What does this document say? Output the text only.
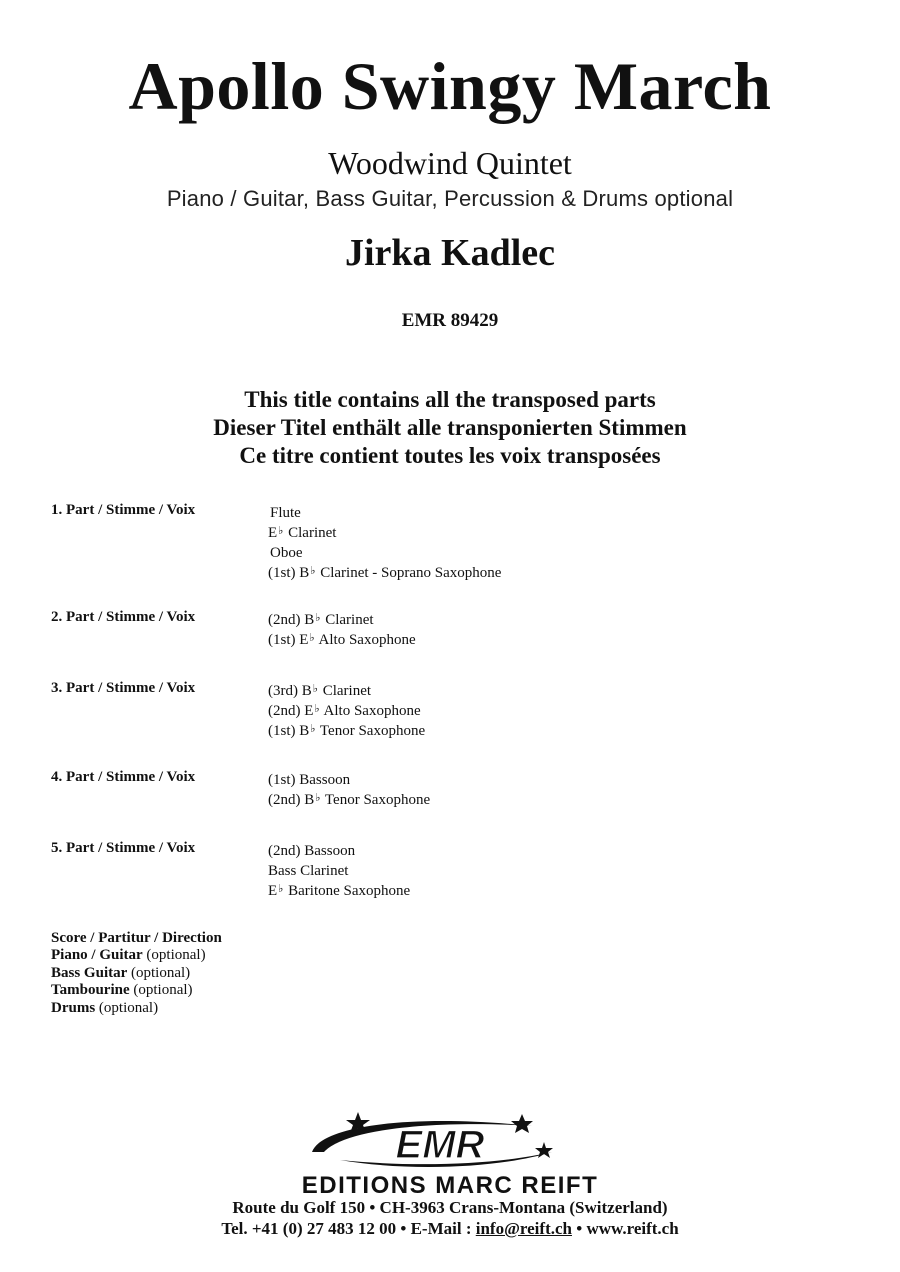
Apollo Swingy March
Woodwind Quintet
Piano / Guitar, Bass Guitar, Percussion & Drums optional
Jirka Kadlec
EMR 89429
This title contains all the transposed parts
Dieser Titel enthält alle transponierten Stimmen
Ce titre contient toutes les voix transposées
1. Part / Stimme / Voix	Flute
E♭ Clarinet
Oboe
(1st) B♭ Clarinet - Soprano Saxophone
2. Part / Stimme / Voix	(2nd) B♭ Clarinet
(1st) E♭ Alto Saxophone
3. Part / Stimme / Voix	(3rd) B♭ Clarinet
(2nd) E♭ Alto Saxophone
(1st) B♭ Tenor Saxophone
4. Part / Stimme / Voix	(1st) Bassoon
(2nd) B♭ Tenor Saxophone
5. Part / Stimme / Voix	(2nd) Bassoon
Bass Clarinet
E♭ Baritone Saxophone
Score / Partitur / Direction
Piano / Guitar (optional)
Bass Guitar (optional)
Tambourine (optional)
Drums (optional)
EMR
EDITIONS MARC REIFT
Route du Golf 150 • CH-3963 Crans-Montana (Switzerland)
Tel. +41 (0) 27 483 12 00 • E-Mail : info@reift.ch • www.reift.ch
